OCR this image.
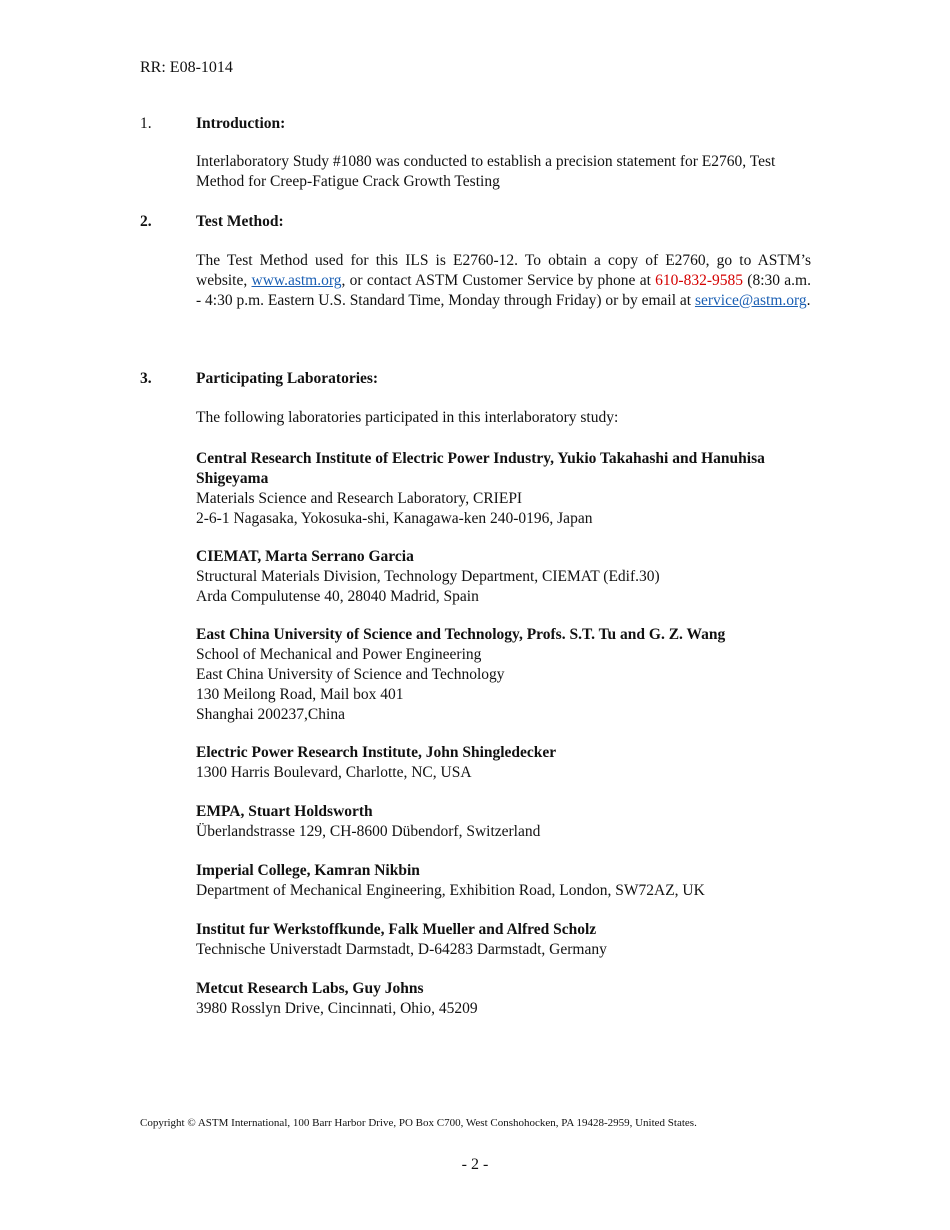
RR: E08-1014
1.	Introduction:
Interlaboratory Study #1080 was conducted to establish a precision statement for E2760, Test Method for Creep-Fatigue Crack Growth Testing
2.	Test Method:
The Test Method used for this ILS is E2760-12. To obtain a copy of E2760, go to ASTM’s website, www.astm.org, or contact ASTM Customer Service by phone at 610-832-9585 (8:30 a.m. - 4:30 p.m. Eastern U.S. Standard Time, Monday through Friday) or by email at service@astm.org.
3.	Participating Laboratories:
The following laboratories participated in this interlaboratory study:
Central Research Institute of Electric Power Industry, Yukio Takahashi and Hanuhisa Shigeyama
Materials Science and Research Laboratory, CRIEPI
2-6-1 Nagasaka, Yokosuka-shi, Kanagawa-ken 240-0196, Japan
CIEMAT, Marta Serrano Garcia
Structural Materials Division, Technology Department, CIEMAT (Edif.30)
Arda Compulutense 40, 28040 Madrid, Spain
East China University of Science and Technology, Profs. S.T. Tu and G. Z. Wang
School of Mechanical and Power Engineering
East China University of Science and Technology
130 Meilong Road, Mail box 401
Shanghai 200237,China
Electric Power Research Institute, John Shingledecker
1300 Harris Boulevard, Charlotte, NC, USA
EMPA, Stuart Holdsworth
Überlandstrasse 129, CH-8600 Dübendorf, Switzerland
Imperial College, Kamran Nikbin
Department of Mechanical Engineering, Exhibition Road, London, SW72AZ, UK
Institut fur Werkstoffkunde, Falk Mueller and Alfred Scholz
Technische Universtadt Darmstadt, D-64283 Darmstadt, Germany
Metcut Research Labs, Guy Johns
3980 Rosslyn Drive, Cincinnati, Ohio, 45209
Copyright © ASTM International, 100 Barr Harbor Drive, PO Box C700, West Conshohocken, PA 19428-2959, United States.
- 2 -
